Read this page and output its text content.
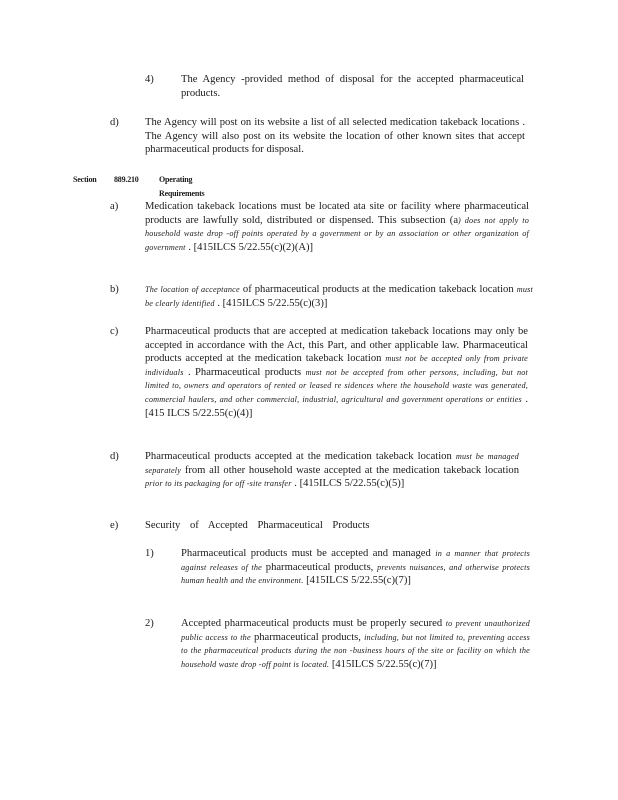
4)	The Agency -provided method of disposal for the accepted pharmaceutical products.
d) The Agency will post on its website a list of all selected medication takeback locations . The Agency will also post on its website the location of other known sites that accept pharmaceutical products for disposal.
Section 889.210	Operating Requirements
a)	Medication takeback locations must be located ata site or facility where pharmaceutical products are lawfully sold, distributed or dispensed. This subsection (a) does not apply to household waste drop -off points operated by a government or by an association or other organization of government . [415ILCS 5/22.55(c)(2)(A)]
b)	The location of acceptance of pharmaceutical products at the medication takeback location must be clearly identified . [415ILCS 5/22.55(c)(3)]
c)	Pharmaceutical products that are accepted at medication takeback locations may only be accepted in accordance with the Act, this Part, and other applicable law. Pharmaceutical products accepted at the medication takeback location must not be accepted only from private individuals . Pharmaceutical products must not be accepted from other persons, including, but not limited to, owners and operators of rented or leased re sidences where the household waste was generated, commercial haulers, and other commercial, industrial, agricultural and government operations or entities . [415 ILCS 5/22.55(c)(4)]
d) Pharmaceutical products accepted at the medication takeback location must be managed separately from all other household waste accepted at the medication takeback location prior to its packaging for off -site transfer . [415ILCS 5/22.55(c)(5)]
e)	Security of Accepted Pharmaceutical Products
1)	Pharmaceutical products must be accepted and managed in a manner that protects against releases of the pharmaceutical products, prevents nuisances, and otherwise protects human health and the environment. [415ILCS 5/22.55(c)(7)]
2)	Accepted pharmaceutical products must be properly secured to prevent unauthorized public access to the pharmaceutical products, including, but not limited to, preventing access to the pharmaceutical products during the non -business hours of the site or facility on which the household waste drop -off point is located. [415ILCS 5/22.55(c)(7)]
